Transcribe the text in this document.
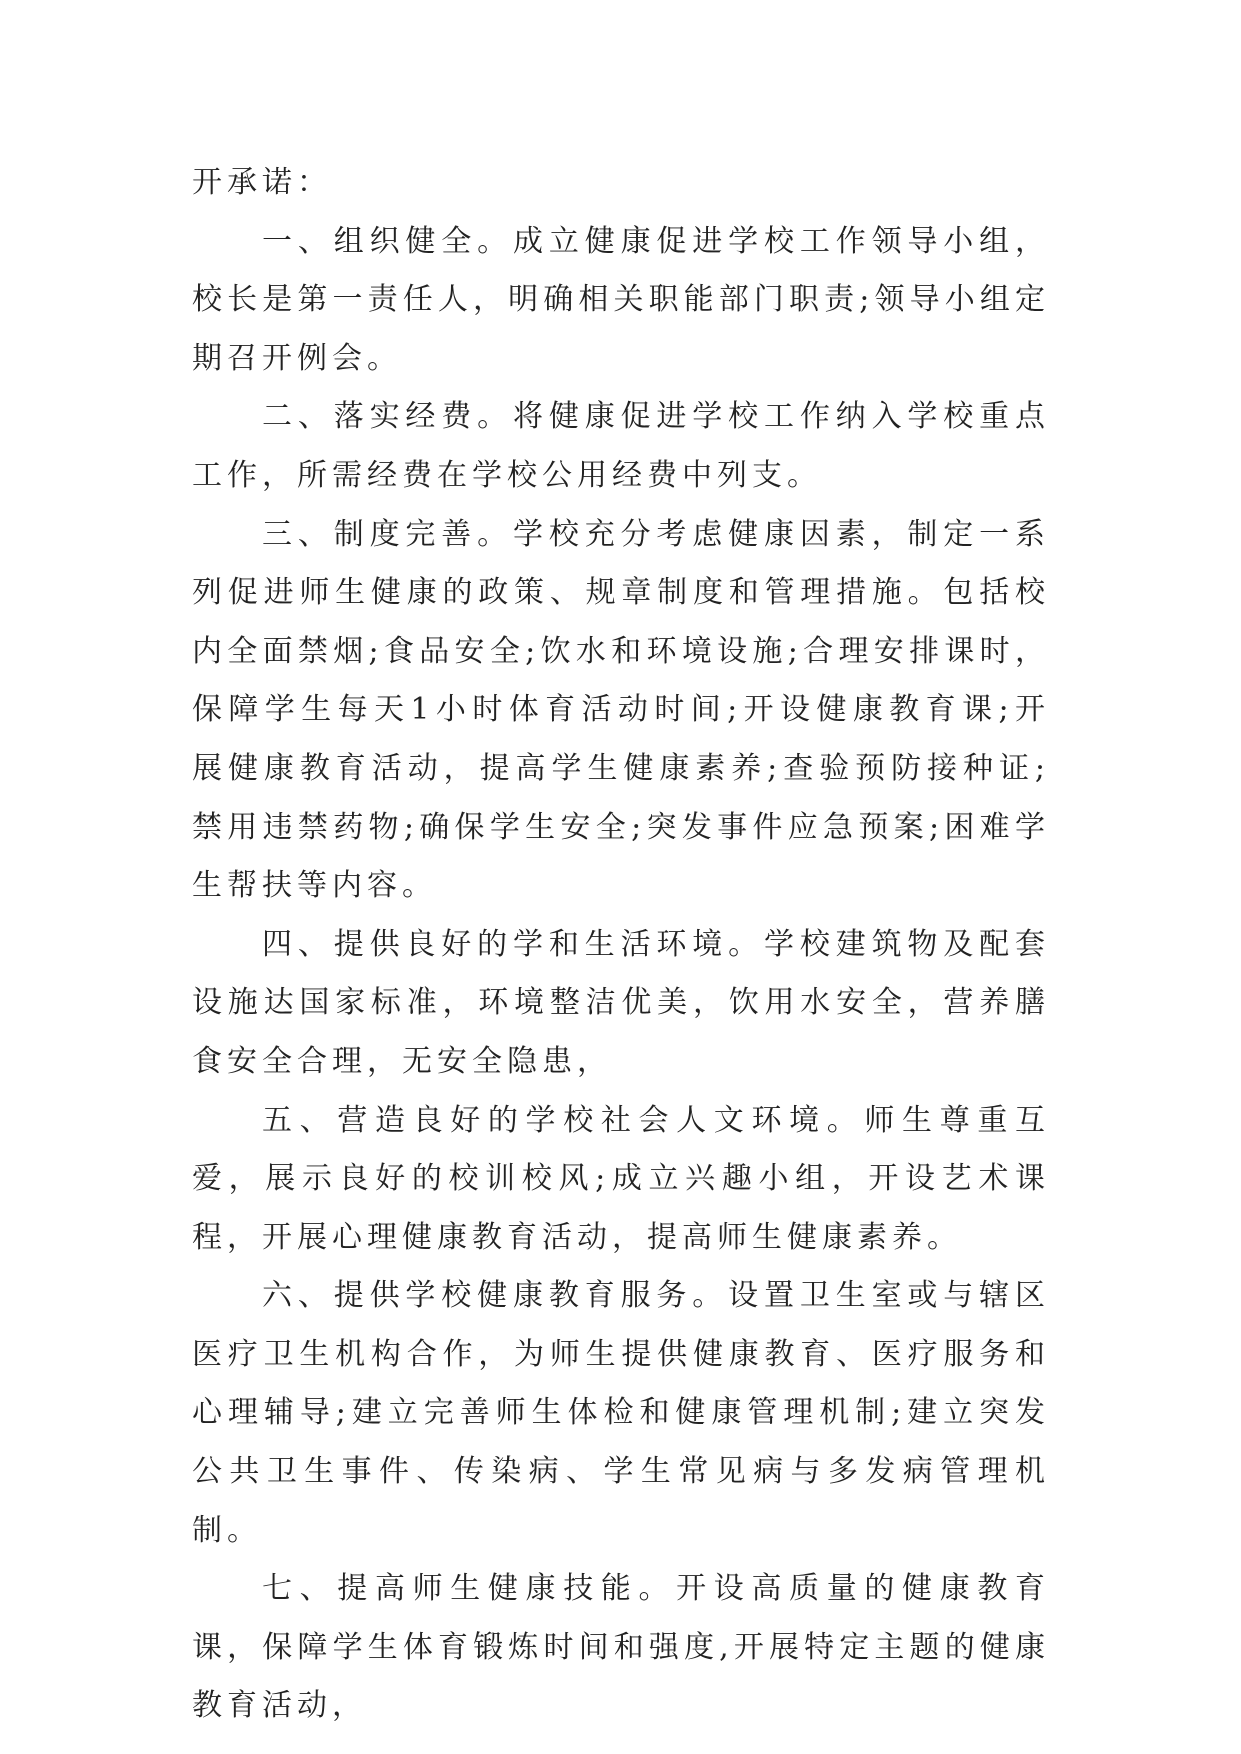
开承诺：

一、组织健全。成立健康促进学校工作领导小组，校长是第一责任人，明确相关职能部门职责;领导小组定期召开例会。

二、落实经费。将健康促进学校工作纳入学校重点工作，所需经费在学校公用经费中列支。

三、制度完善。学校充分考虑健康因素，制定一系列促进师生健康的政策、规章制度和管理措施。包括校内全面禁烟;食品安全;饮水和环境设施;合理安排课时，保障学生每天1小时体育活动时间;开设健康教育课;开展健康教育活动，提高学生健康素养;查验预防接种证;禁用违禁药物;确保学生安全;突发事件应急预案;困难学生帮扶等内容。

四、提供良好的学和生活环境。学校建筑物及配套设施达国家标准，环境整洁优美，饮用水安全，营养膳食安全合理，无安全隐患，

五、营造良好的学校社会人文环境。师生尊重互爱，展示良好的校训校风;成立兴趣小组，开设艺术课程，开展心理健康教育活动，提高师生健康素养。

六、提供学校健康教育服务。设置卫生室或与辖区医疗卫生机构合作，为师生提供健康教育、医疗服务和心理辅导;建立完善师生体检和健康管理机制;建立突发公共卫生事件、传染病、学生常见病与多发病管理机制。

七、提高师生健康技能。开设高质量的健康教育课，保障学生体育锻炼时间和强度,开展特定主题的健康教育活动，
